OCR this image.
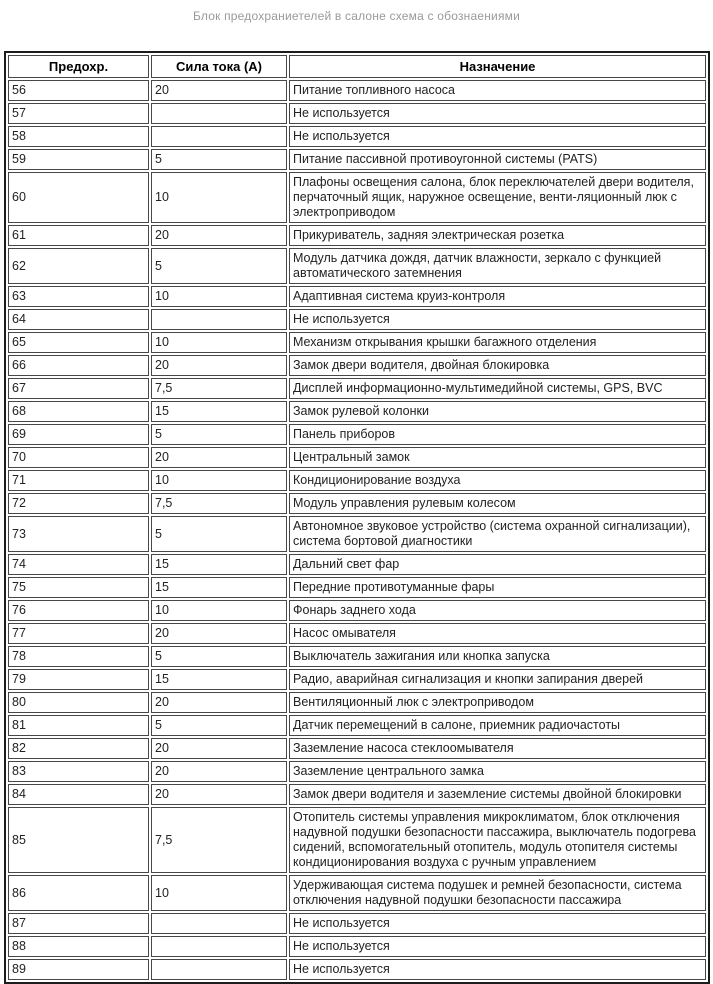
Блок предохраниетелей в салоне схема с обознаениями
Предохр.	Сила тока (А)	Назначение
56	20	Питание топливного насоса
57		Не используется
58		Не используется
59	5	Питание пассивной противоугонной системы (PATS)
60	10	Плафоны освещения салона, блок переключателей двери водителя, перчаточный ящик, наружное освещение, венти-ляционный люк с электроприводом
61	20	Прикуриватель, задняя электрическая розетка
62	5	Модуль датчика дождя, датчик влажности, зеркало с функцией автоматического затемнения
63	10	Адаптивная система круиз-контроля
64		Не используется
65	10	Механизм открывания крышки багажного отделения
66	20	Замок двери водителя, двойная блокировка
67	7,5	Дисплей информационно-мультимедийной системы, GPS, BVC
68	15	Замок рулевой колонки
69	5	Панель приборов
70	20	Центральный замок
71	10	Кондиционирование воздуха
72	7,5	Модуль управления рулевым колесом
73	5	Автономное звуковое устройство (система охранной сигнализации), система бортовой диагностики
74	15	Дальний свет фар
75	15	Передние противотуманные фары
76	10	Фонарь заднего хода
77	20	Насос омывателя
78	5	Выключатель зажигания или кнопка запуска
79	15	Радио, аварийная сигнализация и кнопки запирания дверей
80	20	Вентиляционный люк с электроприводом
81	5	Датчик перемещений в салоне, приемник радиочастоты
82	20	Заземление насоса стеклоомывателя
83	20	Заземление центрального замка
84	20	Замок двери водителя и заземление системы двойной блокировки
85	7,5	Отопитель системы управления микроклиматом, блок отключения надувной подушки безопасности пассажира, выключатель подогрева сидений, вспомогательный отопитель, модуль отопителя системы кондиционирования воздуха с ручным управлением
86	10	Удерживающая система подушек и ремней безопасности, система отключения надувной подушки безопасности пассажира
87		Не используется
88		Не используется
89		Не используется
